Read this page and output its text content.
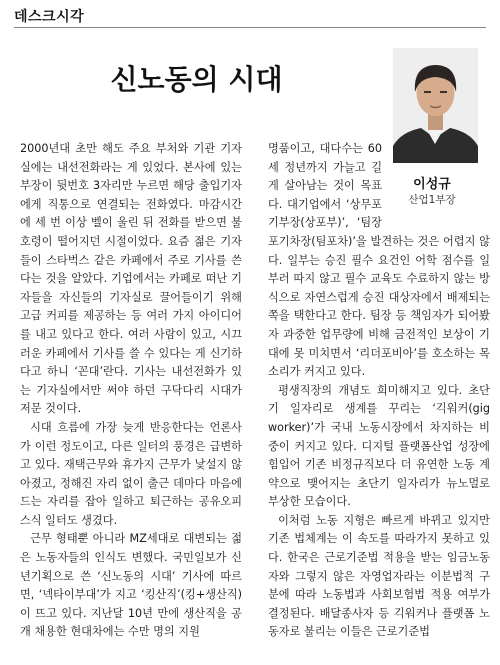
데스크시각
신노동의 시대
이성규
산업1부장

2000년대 초만 해도 주요 부처와 기관 기자실에는 내선전화라는 게 있었다. 본사에 있는 부장이 뒷번호 3자리만 누르면 해당 출입기자에게 직통으로 연결되는 전화였다. 마감시간에 세 번 이상 벨이 울린 뒤 전화를 받으면 불호령이 떨어지던 시절이었다. 요즘 젊은 기자들이 스타벅스 같은 카페에서 주로 기사를 쓴다는 것을 알았다. 기업에서는 카페로 떠난 기자들을 자신들의 기자실로 끌어들이기 위해 고급 커피를 제공하는 등 여러 가지 아이디어를 내고 있다고 한다. 여러 사람이 있고, 시끄러운 카페에서 기사를 쓸 수 있다는 게 신기하다고 하니 ‘꼰대’란다. 기사는 내선전화가 있는 기자실에서만 써야 하던 구닥다리 시대가 저문 것이다.

시대 흐름에 가장 늦게 반응한다는 언론사가 이런 정도이고, 다른 일터의 풍경은 급변하고 있다. 재택근무와 휴가지 근무가 낯설지 않아졌고, 정해진 자리 없이 출근 데마다 마음에 드는 자리를 잡아 일하고 퇴근하는 공유오피스식 일터도 생겼다.

근무 형태뿐 아니라 MZ세대로 대변되는 젊은 노동자들의 인식도 변했다. 국민일보가 신년기획으로 쓴 ‘신노동의 시대’ 기사에 따르면, ‘넥타이부대’가 지고 ‘킹산직’(킹+생산직)이 뜨고 있다. 지난달 10년 만에 생산직을 공개 채용한 현대차에는 수만 명의 지원

명품이고, 대다수는 60세 정년까지 가늘고 길게 살아남는 것이 목표다. 대기업에서 ‘상무포기부장(상포부)’, ‘팀장포기차장(팀포차)’을 발견하는 것은 어렵지 않다. 일부는 승진 필수 요건인 어학 점수를 일부러 따지 않고 필수 교육도 수료하지 않는 방식으로 자연스럽게 승진 대상자에서 배제되는 쪽을 택한다고 한다. 팀장 등 책임자가 되어봤자 과중한 업무량에 비해 금전적인 보상이 기대에 못 미치면서 ‘리더포비아’를 호소하는 목소리가 커지고 있다.

평생직장의 개념도 희미해지고 있다. 초단기 일자리로 생계를 꾸리는 ‘긱워커(gig worker)’가 국내 노동시장에서 차지하는 비중이 커지고 있다. 디지털 플랫폼산업 성장에 힘입어 기존 비정규직보다 더 유연한 노동 계약으로 맺어지는 초단기 일자리가 뉴노멀로 부상한 모습이다.

이처럼 노동 지형은 빠르게 바뀌고 있지만 기존 법체계는 이 속도를 따라가지 못하고 있다. 한국은 근로기준법 적용을 받는 임금노동자와 그렇지 않은 자영업자라는 이분법적 구분에 따라 노동법과 사회보험법 적용 여부가 결정된다. 배달종사자 등 긱워커나 플랫폼 노동자로 불리는 이들은 근로기준법
